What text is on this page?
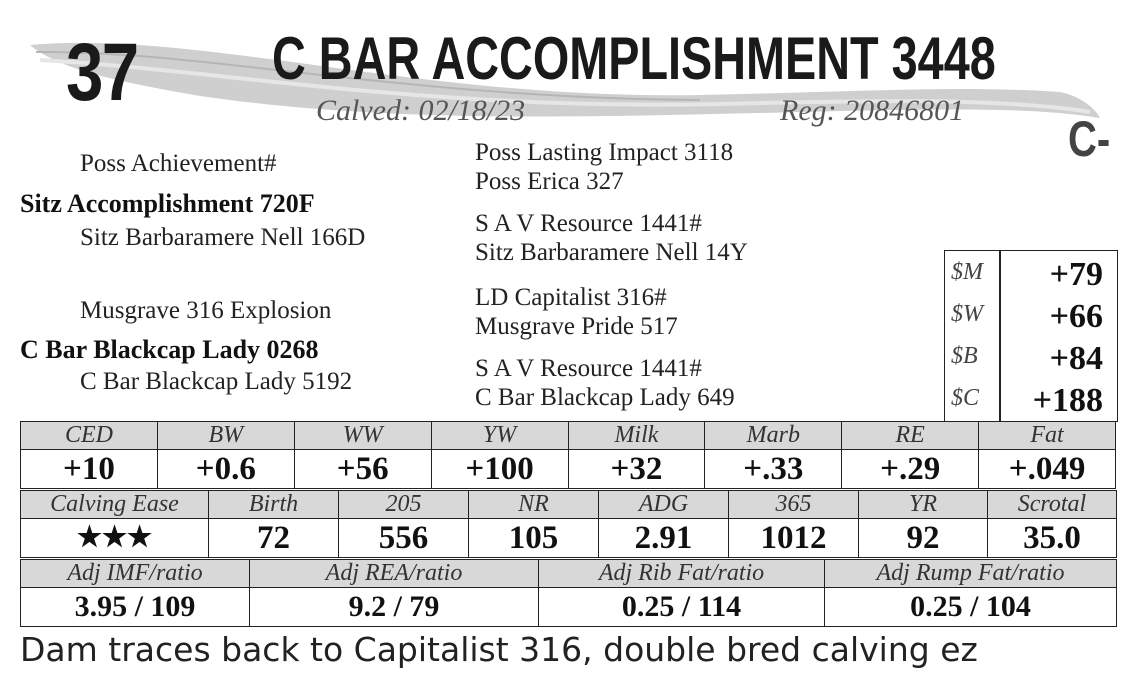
37 C BAR ACCOMPLISHMENT 3448
C-
Calved: 02/18/23	Reg: 20846801
Poss Achievement#
Sitz Accomplishment 720F
Sitz Barbaramere Nell 166D
Poss Lasting Impact 3118
Poss Erica 327
S A V Resource 1441#
Sitz Barbaramere Nell 14Y
Musgrave 316 Explosion
C Bar Blackcap Lady 0268
C Bar Blackcap Lady 5192
LD Capitalist 316#
Musgrave Pride 517
S A V Resource 1441#
C Bar Blackcap Lady 649
$M +79
$W +66
$B +84
$C +188
CED	BW	WW	YW	Milk	Marb	RE	Fat
+10	+0.6	+56	+100	+32	+.33	+.29	+.049
Calving Ease	Birth	205	NR	ADG	365	YR	Scrotal
★★★	72	556	105	2.91	1012	92	35.0
Adj IMF/ratio	Adj REA/ratio	Adj Rib Fat/ratio	Adj Rump Fat/ratio
3.95 / 109	9.2 / 79	0.25 / 114	0.25 / 104
Dam traces back to Capitalist 316, double bred calving ez
